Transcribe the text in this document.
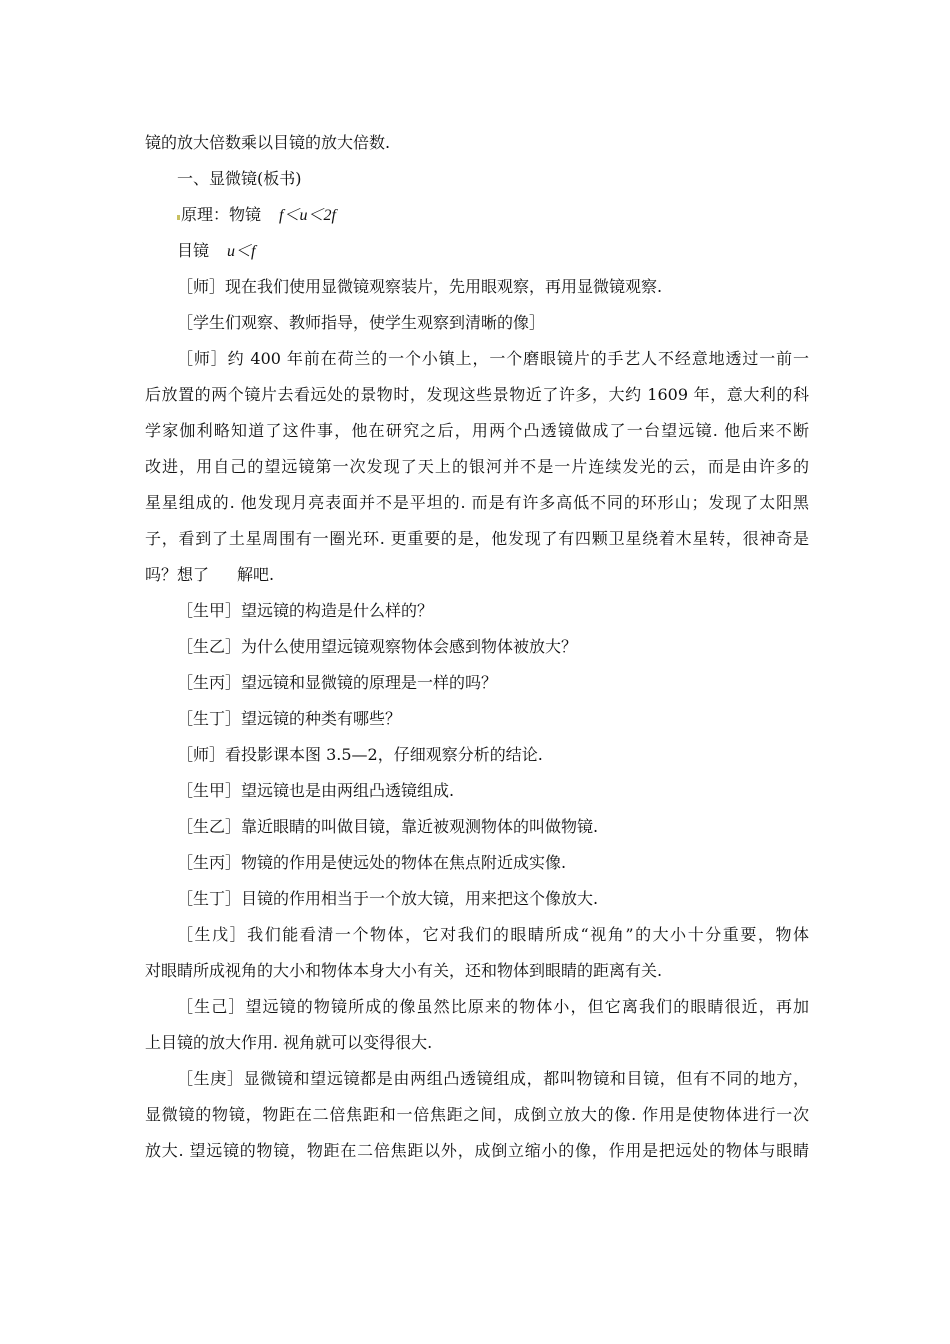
镜的放大倍数乘以目镜的放大倍数.
一、显微镜(板书)
原理：物镜 f＜u＜2f
目镜 u＜f
［师］现在我们使用显微镜观察装片，先用眼观察，再用显微镜观察.
［学生们观察、教师指导，使学生观察到清晰的像］
［师］约 400 年前在荷兰的一个小镇上，一个磨眼镜片的手艺人不经意地透过一前一
后放置的两个镜片去看远处的景物时，发现这些景物近了许多，大约 1609 年，意大利的科
学家伽利略知道了这件事，他在研究之后，用两个凸透镜做成了一台望远镜. 他后来不断
改进，用自己的望远镜第一次发现了天上的银河并不是一片连续发光的云，而是由许多的
星星组成的. 他发现月亮表面并不是平坦的. 而是有许多高低不同的环形山；发现了太阳黑
子，看到了土星周围有一圈光环. 更重要的是，他发现了有四颗卫星绕着木星转，很神奇是
吗？想了 解吧.
［生甲］望远镜的构造是什么样的？
［生乙］为什么使用望远镜观察物体会感到物体被放大？
［生丙］望远镜和显微镜的原理是一样的吗？
［生丁］望远镜的种类有哪些？
［师］看投影课本图 3.5—2，仔细观察分析的结论.
［生甲］望远镜也是由两组凸透镜组成.
［生乙］靠近眼睛的叫做目镜，靠近被观测物体的叫做物镜.
［生丙］物镜的作用是使远处的物体在焦点附近成实像.
［生丁］目镜的作用相当于一个放大镜，用来把这个像放大.
［生戊］我们能看清一个物体，它对我们的眼睛所成“视角”的大小十分重要，物体
对眼睛所成视角的大小和物体本身大小有关，还和物体到眼睛的距离有关.
［生己］望远镜的物镜所成的像虽然比原来的物体小，但它离我们的眼睛很近，再加
上目镜的放大作用. 视角就可以变得很大.
［生庚］显微镜和望远镜都是由两组凸透镜组成，都叫物镜和目镜，但有不同的地方，
显微镜的物镜，物距在二倍焦距和一倍焦距之间，成倒立放大的像. 作用是使物体进行一次
放大. 望远镜的物镜，物距在二倍焦距以外，成倒立缩小的像，作用是把远处的物体与眼睛
